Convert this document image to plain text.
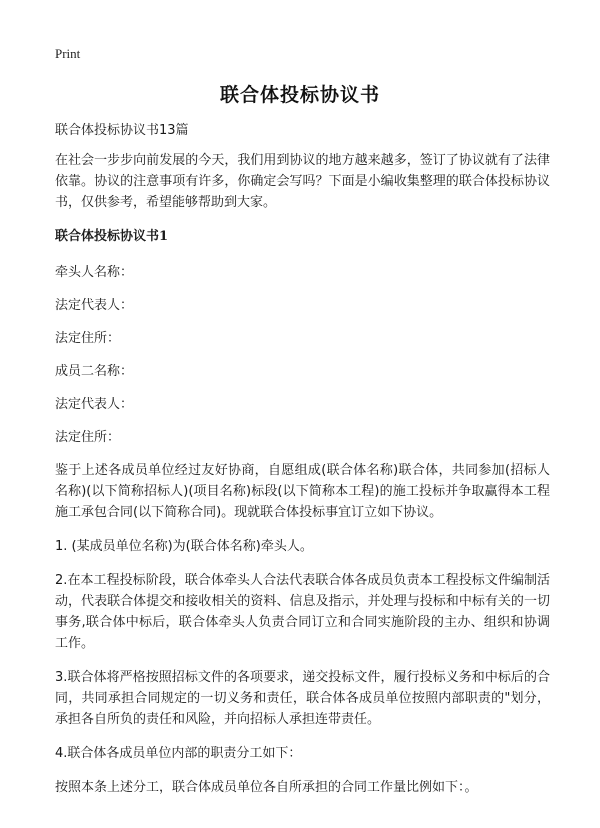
Print
联合体投标协议书

联合体投标协议书13篇

在社会一步步向前发展的今天，我们用到协议的地方越来越多，签订了协议就有了法律依靠。协议的注意事项有许多，你确定会写吗？下面是小编收集整理的联合体投标协议书，仅供参考，希望能够帮助到大家。

联合体投标协议书1

牵头人名称：

法定代表人：

法定住所：

成员二名称：

法定代表人：

法定住所：

鉴于上述各成员单位经过友好协商，自愿组成(联合体名称)联合体，共同参加(招标人名称)(以下简称招标人)(项目名称)标段(以下简称本工程)的施工投标并争取赢得本工程施工承包合同(以下简称合同)。现就联合体投标事宜订立如下协议。

1. (某成员单位名称)为(联合体名称)牵头人。

2.在本工程投标阶段，联合体牵头人合法代表联合体各成员负责本工程投标文件编制活动，代表联合体提交和接收相关的资料、信息及指示，并处理与投标和中标有关的一切事务,联合体中标后，联合体牵头人负责合同订立和合同实施阶段的主办、组织和协调工作。

3.联合体将严格按照招标文件的各项要求，递交投标文件，履行投标义务和中标后的合同，共同承担合同规定的一切义务和责任，联合体各成员单位按照内部职责的"划分，承担各自所负的责任和风险，并向招标人承担连带责任。

4.联合体各成员单位内部的职责分工如下：

按照本条上述分工，联合体成员单位各自所承担的合同工作量比例如下：。
